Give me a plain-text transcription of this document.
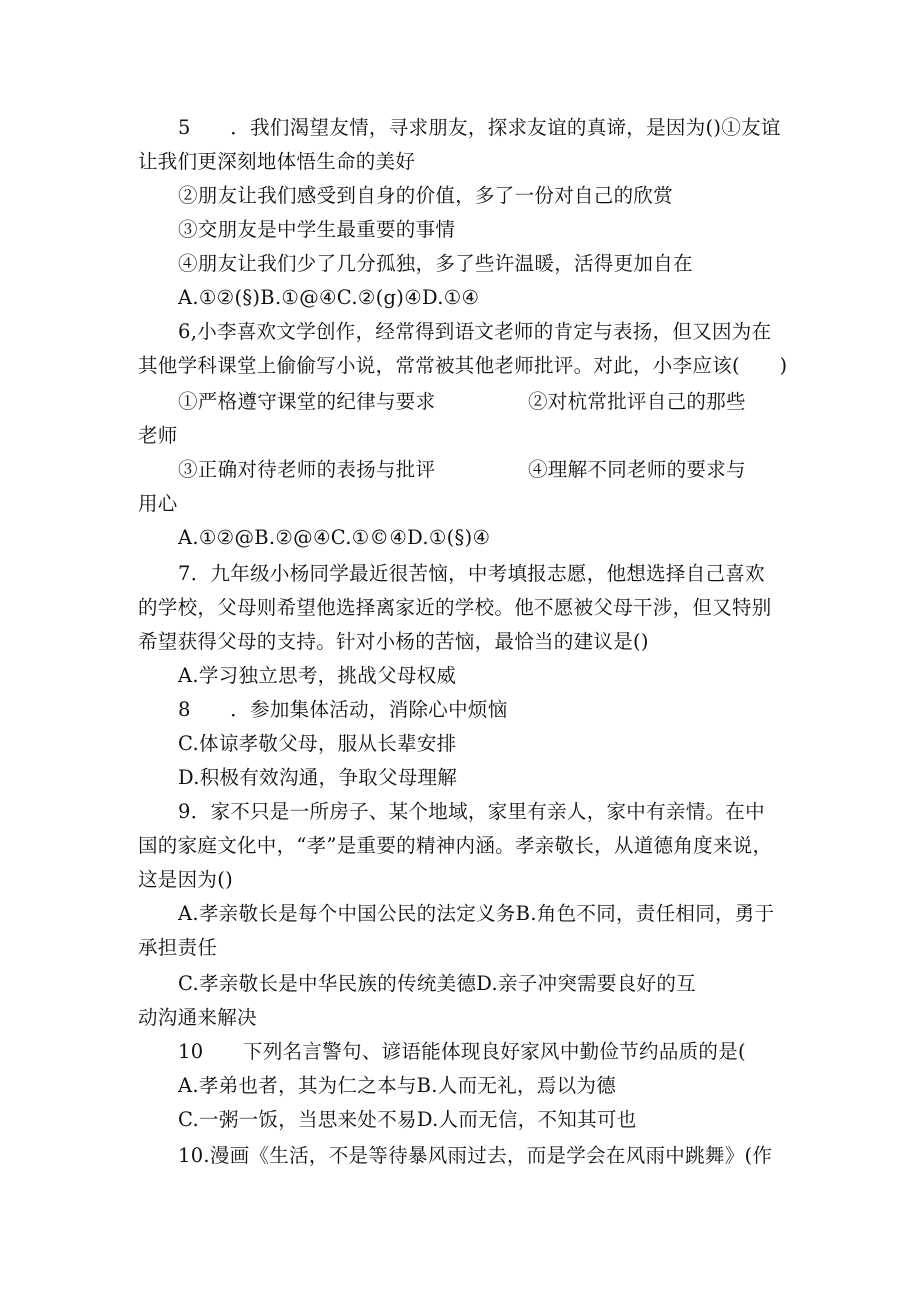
5　　．我们渴望友情，寻求朋友，探求友谊的真谛，是因为()①友谊
让我们更深刻地体悟生命的美好
②朋友让我们感受到自身的价值，多了一份对自己的欣赏
③交朋友是中学生最重要的事情
④朋友让我们少了几分孤独，多了些许温暖，活得更加自在
A.①②(§)B.①@④C.②(g)④D.①④
6,小李喜欢文学创作，经常得到语文老师的肯定与表扬，但又因为在
其他学科课堂上偷偷写小说，常常被其他老师批评。对此，小李应该(　　)
①严格遵守课堂的纪律与要求	②对杭常批评自己的那些
老师
③正确对待老师的表扬与批评	④理解不同老师的要求与
用心
A.①②@B.②@④C.①©④D.①(§)④
7．九年级小杨同学最近很苦恼，中考填报志愿，他想选择自己喜欢
的学校，父母则希望他选择离家近的学校。他不愿被父母干涉，但又特别
希望获得父母的支持。针对小杨的苦恼，最恰当的建议是()
A.学习独立思考，挑战父母权威
8　　．参加集体活动，消除心中烦恼
C.体谅孝敬父母，服从长辈安排
D.积极有效沟通，争取父母理解
9．家不只是一所房子、某个地域，家里有亲人，家中有亲情。在中
国的家庭文化中，“孝”是重要的精神内涵。孝亲敬长，从道德角度来说，
这是因为()
A.孝亲敬长是每个中国公民的法定义务B.角色不同，责任相同，勇于
承担责任
C.孝亲敬长是中华民族的传统美德D.亲子冲突需要良好的互
动沟通来解决
10　　下列名言警句、谚语能体现良好家风中勤俭节约品质的是(
A.孝弟也者，其为仁之本与B.人而无礼，焉以为德
C.一粥一饭，当思来处不易D.人而无信，不知其可也
10.漫画《生活，不是等待暴风雨过去，而是学会在风雨中跳舞》(作
